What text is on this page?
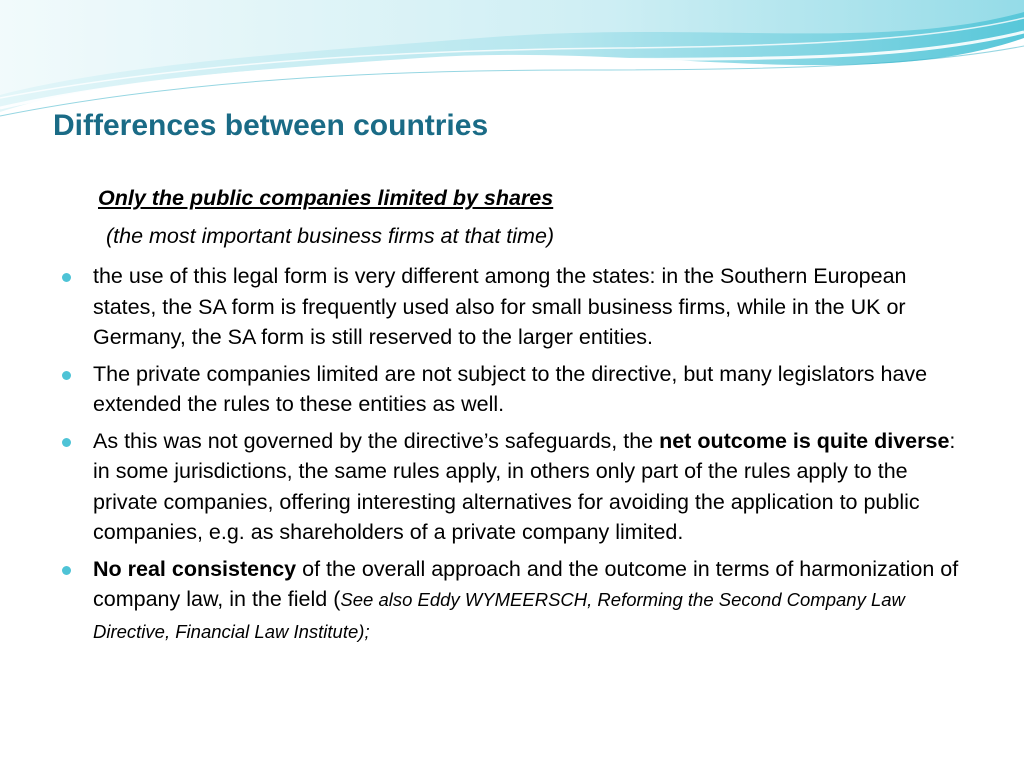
Differences between countries
Only the public companies limited by shares
(the most important business firms at that time)
the use of this legal form is very different among the states: in the Southern European states, the SA form is frequently used also for small business firms, while in the UK or Germany, the SA form is still reserved to the larger entities.
The private companies limited are not subject to the directive, but many legislators have extended the rules to these entities as well.
As this was not governed by the directive’s safeguards, the net outcome is quite diverse: in some jurisdictions, the same rules apply, in others only part of the rules apply to the private companies, offering interesting alternatives for avoiding the application to public companies, e.g. as shareholders of a private company limited.
No real consistency of the overall approach and the outcome in terms of harmonization of company law, in the field (See also Eddy WYMEERSCH, Reforming the Second Company Law Directive, Financial Law Institute);
